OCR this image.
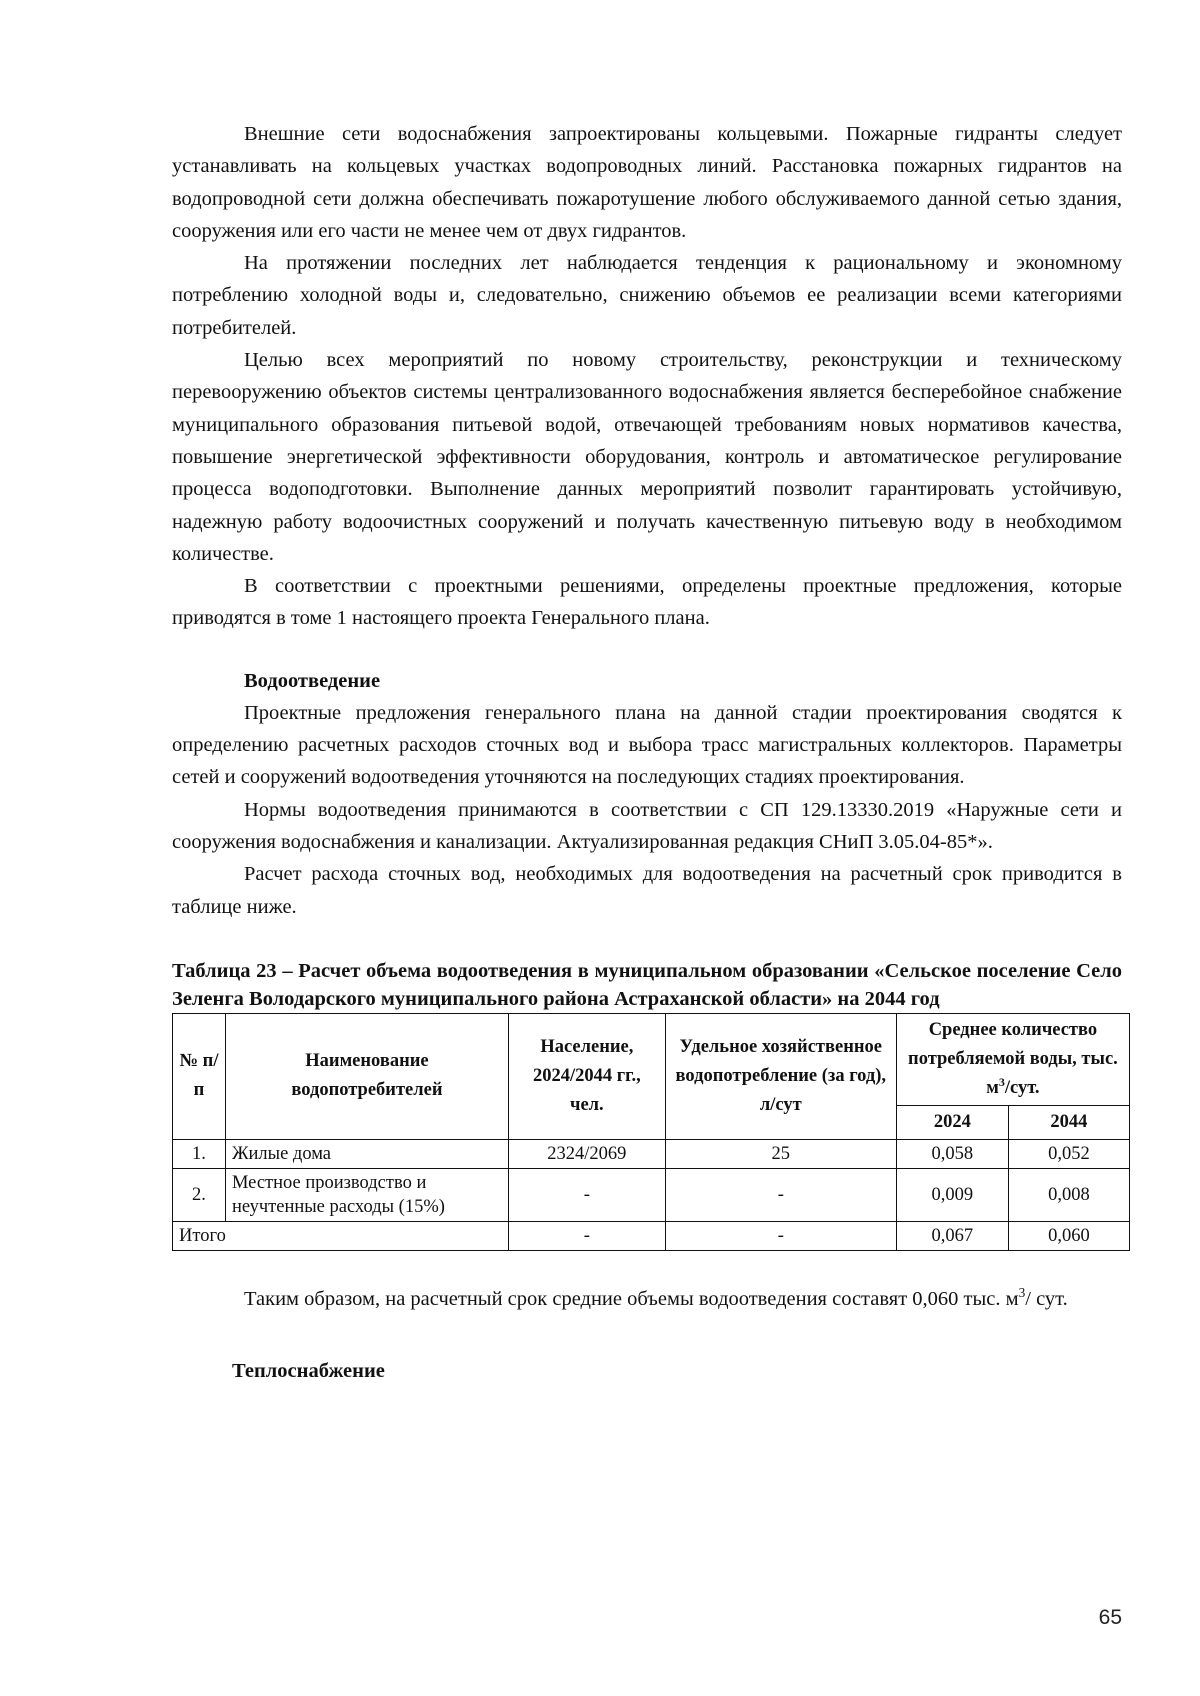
Внешние сети водоснабжения запроектированы кольцевыми. Пожарные гидранты следует устанавливать на кольцевых участках водопроводных линий. Расстановка пожарных гидрантов на водопроводной сети должна обеспечивать пожаротушение любого обслуживаемого данной сетью здания, сооружения или его части не менее чем от двух гидрантов.

На протяжении последних лет наблюдается тенденция к рациональному и экономному потреблению холодной воды и, следовательно, снижению объемов ее реализации всеми категориями потребителей.

Целью всех мероприятий по новому строительству, реконструкции и техническому перевооружению объектов системы централизованного водоснабжения является бесперебойное снабжение муниципального образования питьевой водой, отвечающей требованиям новых нормативов качества, повышение энергетической эффективности оборудования, контроль и автоматическое регулирование процесса водоподготовки. Выполнение данных мероприятий позволит гарантировать устойчивую, надежную работу водоочистных сооружений и получать качественную питьевую воду в необходимом количестве.

В соответствии с проектными решениями, определены проектные предложения, которые приводятся в томе 1 настоящего проекта Генерального плана.

Водоотведение

Проектные предложения генерального плана на данной стадии проектирования сводятся к определению расчетных расходов сточных вод и выбора трасс магистральных коллекторов. Параметры сетей и сооружений водоотведения уточняются на последующих стадиях проектирования.

Нормы водоотведения принимаются в соответствии с СП 129.13330.2019 «Наружные сети и сооружения водоснабжения и канализации. Актуализированная редакция СНиП 3.05.04-85*».

Расчет расхода сточных вод, необходимых для водоотведения на расчетный срок приводится в таблице ниже.

Таблица 23 – Расчет объема водоотведения в муниципальном образовании «Сельское поселение Село Зеленга Володарского муниципального района Астраханской области» на 2044 год

№ п/п	Наименование водопотребителей	Население, 2024/2044 гг., чел.	Удельное хозяйственное водопотребление (за год), л/сут	Среднее количество потребляемой воды, тыс. $м^3$/сут.	
				2024	2044
1.	Жилые дома	2324/2069	25	0,058	0,052
2.	Местное производство и неучтенные расходы (15%)	-	-	0,009	0,008
Итого		-	-	0,067	0,060

Таким образом, на расчетный срок средние объемы водоотведения составят 0,060 тыс. $м^3/$ сут.

Теплоснабжение
65
